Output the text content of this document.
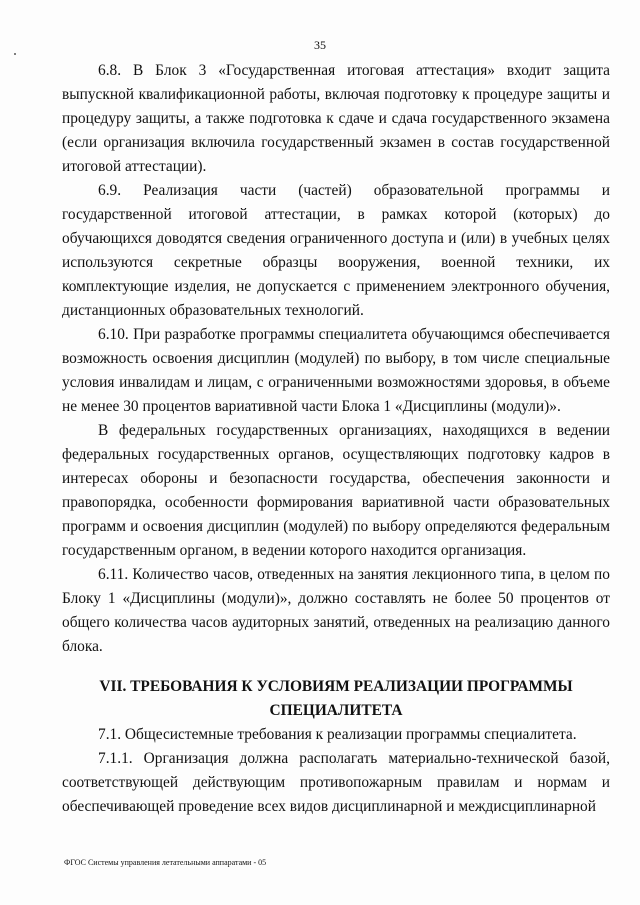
35

6.8. В Блок 3 «Государственная итоговая аттестация» входит защита выпускной квалификационной работы, включая подготовку к процедуре защиты и процедуру защиты, а также подготовка к сдаче и сдача государственного экзамена (если организация включила государственный экзамен в состав государственной итоговой аттестации).

6.9. Реализация части (частей) образовательной программы и государственной итоговой аттестации, в рамках которой (которых) до обучающихся доводятся сведения ограниченного доступа и (или) в учебных целях используются секретные образцы вооружения, военной техники, их комплектующие изделия, не допускается с применением электронного обучения, дистанционных образовательных технологий.

6.10. При разработке программы специалитета обучающимся обеспечивается возможность освоения дисциплин (модулей) по выбору, в том числе специальные условия инвалидам и лицам, с ограниченными возможностями здоровья, в объеме не менее 30 процентов вариативной части Блока 1 «Дисциплины (модули)».

В федеральных государственных организациях, находящихся в ведении федеральных государственных органов, осуществляющих подготовку кадров в интересах обороны и безопасности государства, обеспечения законности и правопорядка, особенности формирования вариативной части образовательных программ и освоения дисциплин (модулей) по выбору определяются федеральным государственным органом, в ведении которого находится организация.

6.11. Количество часов, отведенных на занятия лекционного типа, в целом по Блоку 1 «Дисциплины (модули)», должно составлять не более 50 процентов от общего количества часов аудиторных занятий, отведенных на реализацию данного блока.

VII. ТРЕБОВАНИЯ К УСЛОВИЯМ РЕАЛИЗАЦИИ ПРОГРАММЫ
СПЕЦИАЛИТЕТА

7.1. Общесистемные требования к реализации программы специалитета.

7.1.1. Организация должна располагать материально-технической базой, соответствующей действующим противопожарным правилам и нормам и обеспечивающей проведение всех видов дисциплинарной и междисциплинарной

ФГОС Системы управления летательными аппаратами - 05
